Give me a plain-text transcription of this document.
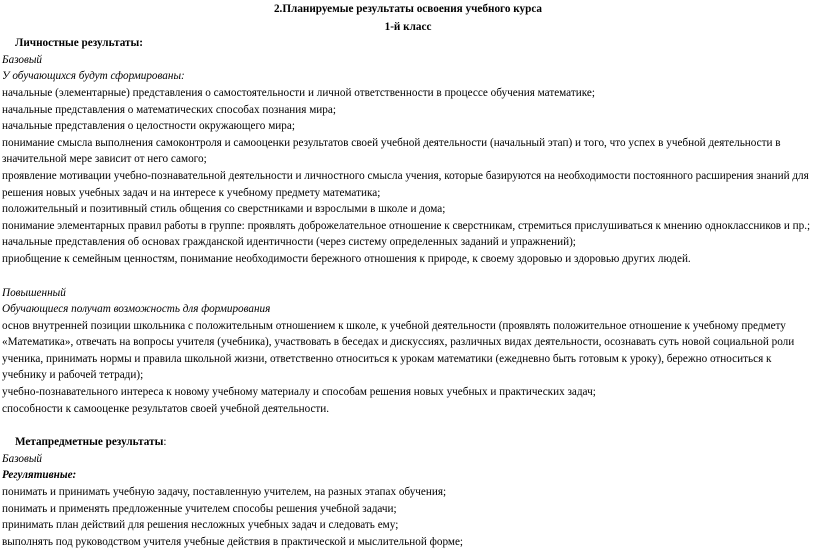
2.Планируемые результаты освоения учебного курса
1-й класс

Личностные результаты:

Базовый

У обучающихся будут сформированы:

начальные (элементарные) представления о самостоятельности и личной ответственности в процессе обучения математике;

начальные представления о математических способах познания мира;

начальные представления о целостности окружающего мира;

понимание смысла выполнения самоконтроля и самооценки результатов своей учебной деятельности (начальный этап) и того, что успех в учебной деятельности в значительной мере зависит от него самого;

проявление мотивации учебно-познавательной деятельности и личностного смысла учения, которые базируются на необходимости постоянного расширения знаний для решения новых учебных задач и на интересе к учебному предмету математика;

положительный и позитивный стиль общения со сверстниками и взрослыми в школе и дома;

понимание элементарных правил работы в группе: проявлять доброжелательное отношение к сверстникам, стремиться прислушиваться к мнению одноклассников и пр.;

начальные представления об основах гражданской идентичности (через систему определенных заданий и упражнений);

приобщение к семейным ценностям, понимание необходимости бережного отношения к природе, к своему здоровью и здоровью других людей.

Повышенный

Обучающиеся получат возможность для формирования

основ внутренней позиции школьника с положительным отношением к школе, к учебной деятельности (проявлять положительное отношение к учебному предмету «Математика», отвечать на вопросы учителя (учебника), участвовать в беседах и дискуссиях, различных видах деятельности, осознавать суть новой социальной роли ученика, принимать нормы и правила школьной жизни, ответственно относиться к урокам математики (ежедневно быть готовым к уроку), бережно относиться к учебнику и рабочей тетради);

учебно-познавательного интереса к новому учебному материалу и способам решения новых учебных и практических задач;

способности к самооценке результатов своей учебной деятельности.

Метапредметные результаты:

Базовый

Регулятивные:

понимать и принимать учебную задачу, поставленную учителем, на разных этапах обучения;

понимать и применять предложенные учителем способы решения учебной задачи;

принимать план действий для решения несложных учебных задач и следовать ему;

выполнять под руководством учителя учебные действия в практической и мыслительной форме;
